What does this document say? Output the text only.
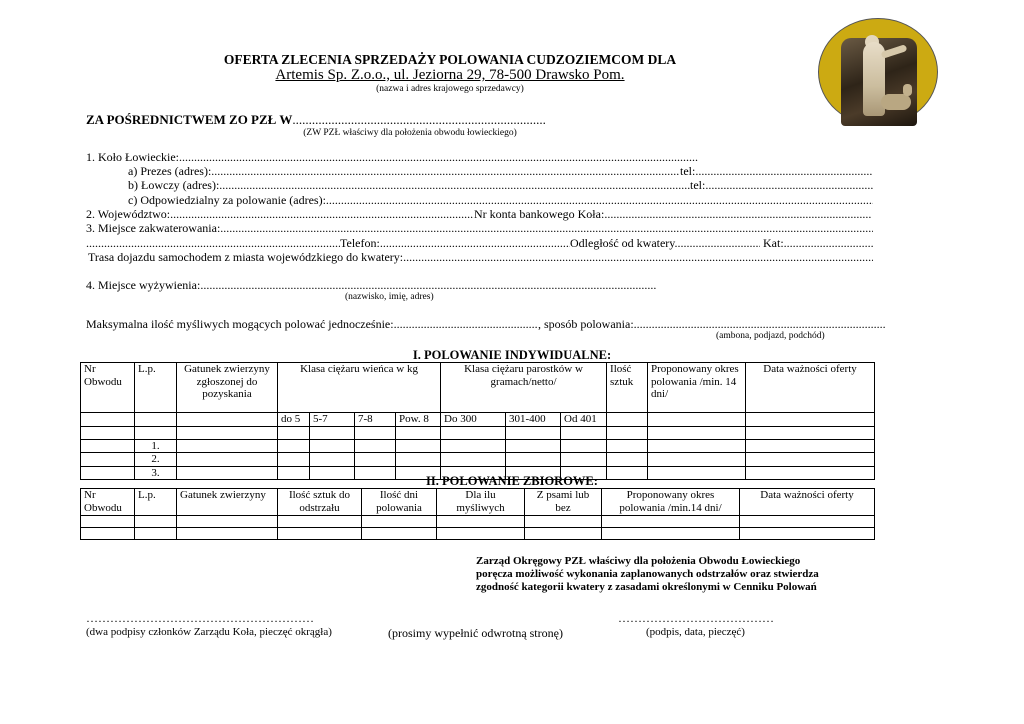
OFERTA ZLECENIA SPRZEDAŻY POLOWANIA CUDZOZIEMCOM DLA
Artemis Sp. Z.o.o., ul. Jeziorna 29, 78-500 Drawsko Pom.
(nazwa i adres krajowego sprzedawcy)
ZA POŚREDNICTWEM ZO PZŁ W .....
(ZW PZŁ właściwy dla położenia obwodu łowieckiego)
1. Koło Łowieckie: .....
a) Prezes (adres): .....	tel: .....
b) Łowczy (adres): .....	tel: .....
c) Odpowiedzialny za polowanie (adres): .....
2. Województwo: .....	Nr konta bankowego Koła: .....
3. Miejsce zakwaterowania: .....
.....
Telefon: .....	Odległość od kwatery .....	Kat: .....
Trasa dojazdu samochodem z miasta wojewódzkiego do kwatery: .....
4. Miejsce wyżywienia: .....
(nazwisko, imię, adres)
Maksymalna ilość myśliwych mogących polować jednocześnie: .....	, sposób polowania: .....
(ambona, podjazd, podchód)
I. POLOWANIE INDYWIDUALNE:
Nr Obwodu	L.p.	Gatunek zwierzyny zgłoszonej do pozyskania	Klasa ciężaru wieńca w kg				Klasa ciężaru parostków w gramach/netto/			Ilość sztuk	Proponowany okres polowania /min. 14 dni/	Data ważności oferty
			do 5	5-7	7-8	Pow. 8	Do 300	301-400	Od 401			

	1.											
	2.											
	3.											
II. POLOWANIE ZBIOROWE:
Nr Obwodu	L.p.	Gatunek zwierzyny	Ilość sztuk do odstrzału	Ilość dni polowania	Dla ilu myśliwych	Z psami lub bez	Proponowany okres polowania /min.14 dni/	Data ważności oferty

Zarząd Okręgowy PZŁ właściwy dla położenia Obwodu Łowieckiego
poręcza możliwość wykonania zaplanowanych odstrzałów oraz stwierdza
zgodność kategorii kwatery z zasadami określonymi w Cenniku Polowań
…………………………………………………
(dwa podpisy członków Zarządu Koła, pieczęć okrągła)	(prosimy wypełnić odwrotną stronę)
…………………………………
(podpis, data, pieczęć)
